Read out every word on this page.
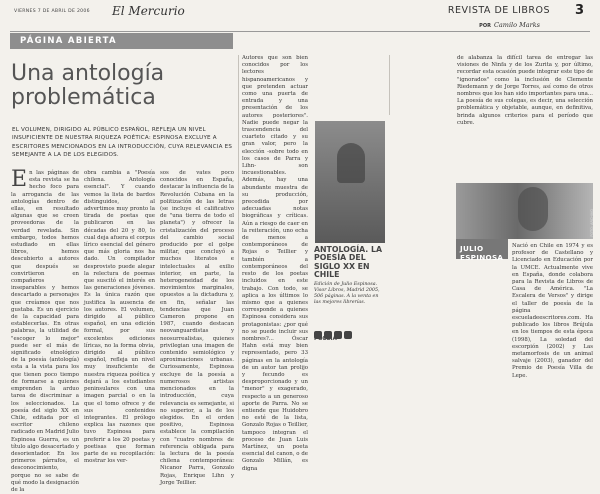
VIERNES 7 DE ABRIL DE 2006 El Mercurio	REVISTA DE LIBROS 3
POR Camilo Marks
PÁGINA ABIERTA
Una antología problemática

EL VOLUMEN, DIRIGIDO AL PÚBLICO ESPAÑOL, REFLEJA UN NIVEL INSUFICIENTE DE NUESTRA RIQUEZA POÉTICA: ESPINOSA EXCLUYE A ESCRITORES MENCIONADOS EN LA INTRODUCCIÓN, CUYA RELEVANCIA ES SEMEJANTE A LA DE LOS ELEGIDOS.

En las páginas de esta revista se ha hecho foco para la arrogancia de las antologías dentro de ellas, en resultado algunas que se creen proveedoras de la verdad revelada. Sin embargo, todos hemos estudiado en ellas libros, hemos descubierto a autores que después se convirtieron en compañeros inseparables y hemos descartado a personajes que creíamos que nos gustaba. Es un ejercicio de la capacidad para establecerlas. En otras palabras, la utilidad de "escoger lo mejor" puede ser el más de significado etnológico de la poesía (antología) esta a la vista para los que tienen poco tiempo de formarse a quienes emprenden la arduo tarea de discriminar a los seleccionados. La poesía del siglo XX en Chile, editada por el escritor chileno radicado en Madrid Julio Espinosa Guerra, es un título algo desacertado y desorientador. En los primeros párrafos, el desconocimiento, porque no se sabe de qué modo la designación de la

obra cambia a "Poesía chilena. Antología esencial". Y cuando vemos la lista de bardos distinguidos, al advertimos muy pronto la tirada de poetas que publicaron en las décadas del 20 y 80, lo cual deja afuera el corpus lírico esencial del género que más gloria nos ha dado. Un compilador desprovisto puede alegar la relectura de poemas que suscitó el interés en las generaciones jóvenes. Es la única razón que justifica la ausencia de los autores. El volumen, dirigido al público español, en una edición formal, por sus excelentes ediciones líricas, no la forma obvia, dirigido al público español, refleja un nivel muy insuficiente de nuestra riqueza poética y dejará a los estudiantes peninsulares con una imagen parcial o en la que el tomo ofrece y de sus contenidos integrantes. El prólogo explica las razones que tuvo Espinosa para preferir a los 20 poetas y poetisas que forman parte de su recopilación: mostrar los ver-

sos de vates poco conocidos en España, destacar la influencia de la Revolución Cubana en la politización de las letras (se incluye el calificativo de "una tierra de todo el planeta") y ofrecer la cristalización del proceso del cambio social producido por el golpe militar, que concluyó a muchos literatos e intelectuales al exilio interior, en parte, la heterogeneidad de los movimientos marginales, opuestos a la dictadura y, en fin, señalar las tendencias que Juan Cameron propone en 1987, cuando destacan neovanguardistas y neosurrealistas, quienes privilegian una imagen de contenido semiológico y aproximaciones urbanas. Curiosamente, Espinosa excluye de la poesía a numerosos artistas mencionados en la introducción, cuya relevancia es semejante, si no superior, a la de los elegidos. En el orden positivo, Espinosa establece la compilación con "cuatro nombres de referencia obligada para la lectura de la poesía chilena contemporánea: Nicanor Parra, Gonzalo Rojas, Enrique Lihn y Jorge Teillier.

Autores que son bien conocidos por los lectores hispanoamericanos y que pretenden actuar como una puerta de entrada y una presentación de los autores posteriores". Nadie puede negar la trascendencia del cuarteto citado y su gran valor, pero la elección -sobre todo en los casos de Parra y Lihn- son incuestionables. Además, hay una abundante muestra de su producción, precedida por adecuadas notas biográficas y críticas. Aún a riesgo de caer en la reiteración, uno echa de menos a contemporáneos de Rojas o Teillier y también a contemporáneos del resto de los poetas incluidos en este trabajo. Con todo, se aplica a los últimos lo mismo que a quienes corresponde a quienes Espinosa considera sus protagonistas: ¿por qué no se puede incluir sus nombres?... Óscar Hahn está muy bien representado, pero 33 páginas en la antología de un autor tan prolijo y fecundo es desproporcionado y un "menor" y exagerado, respecto a un generoso aporte de Parra. No se entiende que Huidobro no esté de la lista, Gonzalo Rojas o Teillier, tampoco integran el proceso de Juan Luis Martínez, un poeta esencial del canon, o de Gonzalo Millán, es digna

ANTOLOGÍA. LA POESÍA DEL SIGLO XX EN CHILE

Edición de Julio Espinosa. Visor Libros, Madrid 2005, 506 páginas. A la venta en las mejores librerías.

POESÍA

de alabanza la difícil tarea de entregar las visiones de Ninfa y de los Zurita y, por último, recordar esta ocasión puede integrar este tipo de "ignorados" como la inclusión de Clemente Riedemann y de Jorge Torres, así como de otros nombres que los han sido importantes para una... La poesía de sus colegas, es decir, una selección problemática y objetable, aunque, en definitiva, brinda algunos criterios para el período que cubre.

FOTO: ARCHIVO
JULIO ESPINOSA

Nació en Chile en 1974 y es profesor de Castellano y Licenciado en Educación por la UMCE. Actualmente vive en España, donde colabora para la Revista de Libros de Casa de América. "La Escalera de Versos" y dirige el taller de poesía de la página escueladeescritores.com. Ha publicado los libros Brújula en los tiempos de esta época (1998), La soledad del escorpión (2002) y Las metamorfosis de un animal salvaje (2003), ganador del Premio de Poesía Villa de Lepe.
